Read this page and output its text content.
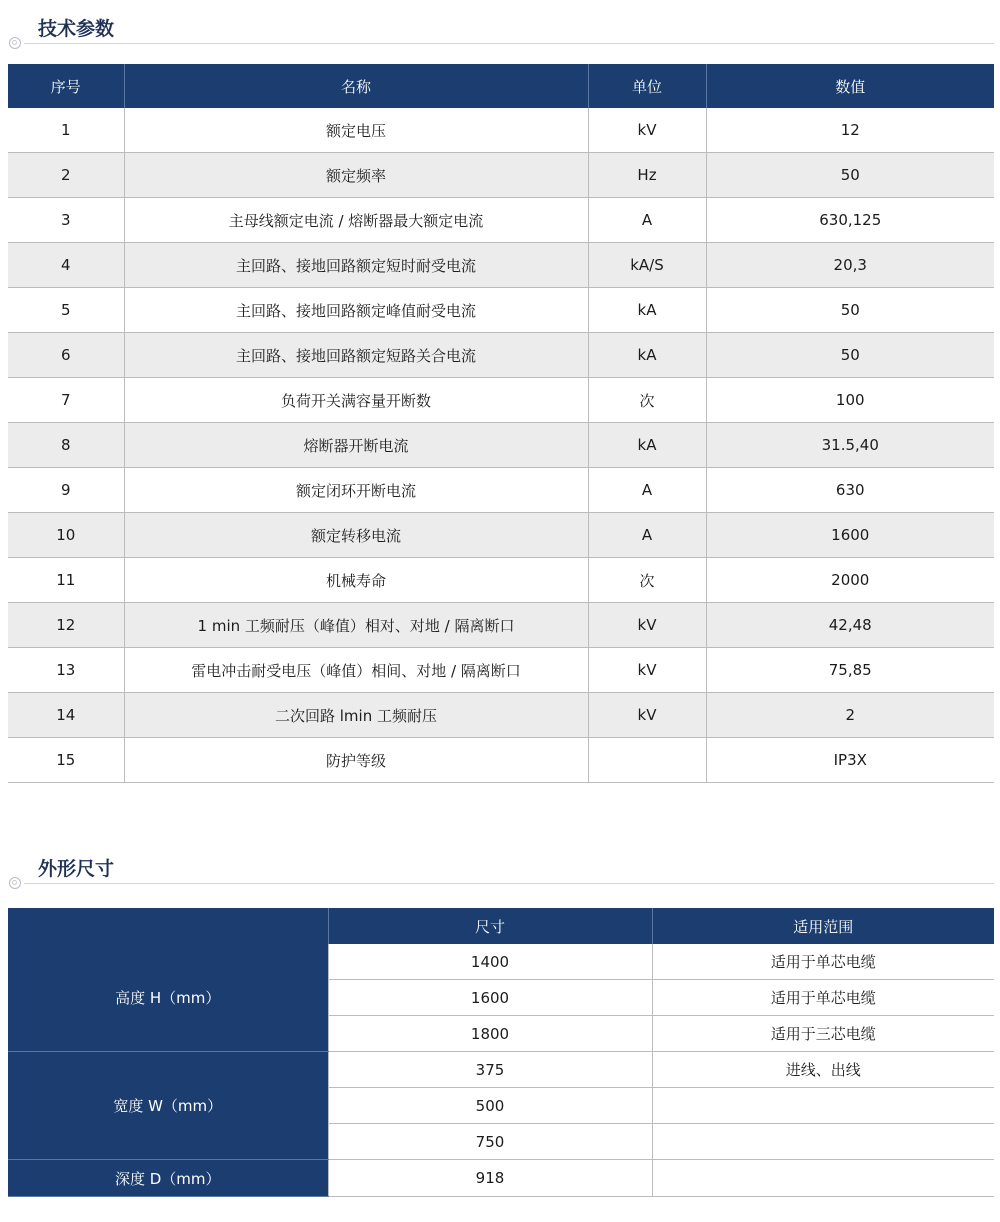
技术参数
序号	名称	单位	数值
1	额定电压	kV	12
2	额定频率	Hz	50
3	主母线额定电流 / 熔断器最大额定电流	A	630,125
4	主回路、接地回路额定短时耐受电流	kA/S	20,3
5	主回路、接地回路额定峰值耐受电流	kA	50
6	主回路、接地回路额定短路关合电流	kA	50
7	负荷开关满容量开断数	次	100
8	熔断器开断电流	kA	31.5,40
9	额定闭环开断电流	A	630
10	额定转移电流	A	1600
11	机械寿命	次	2000
12	1 min 工频耐压（峰值）相对、对地 / 隔离断口	kV	42,48
13	雷电冲击耐受电压（峰值）相间、对地 / 隔离断口	kV	75,85
14	二次回路 lmin 工频耐压	kV	2
15	防护等级		IP3X
外形尺寸
	尺寸	适用范围
高度 H（mm）	1400	适用于单芯电缆
	1600	适用于单芯电缆
	1800	适用于三芯电缆
宽度 W（mm）	375	进线、出线
	500	
	750	
深度 D（mm）	918	
